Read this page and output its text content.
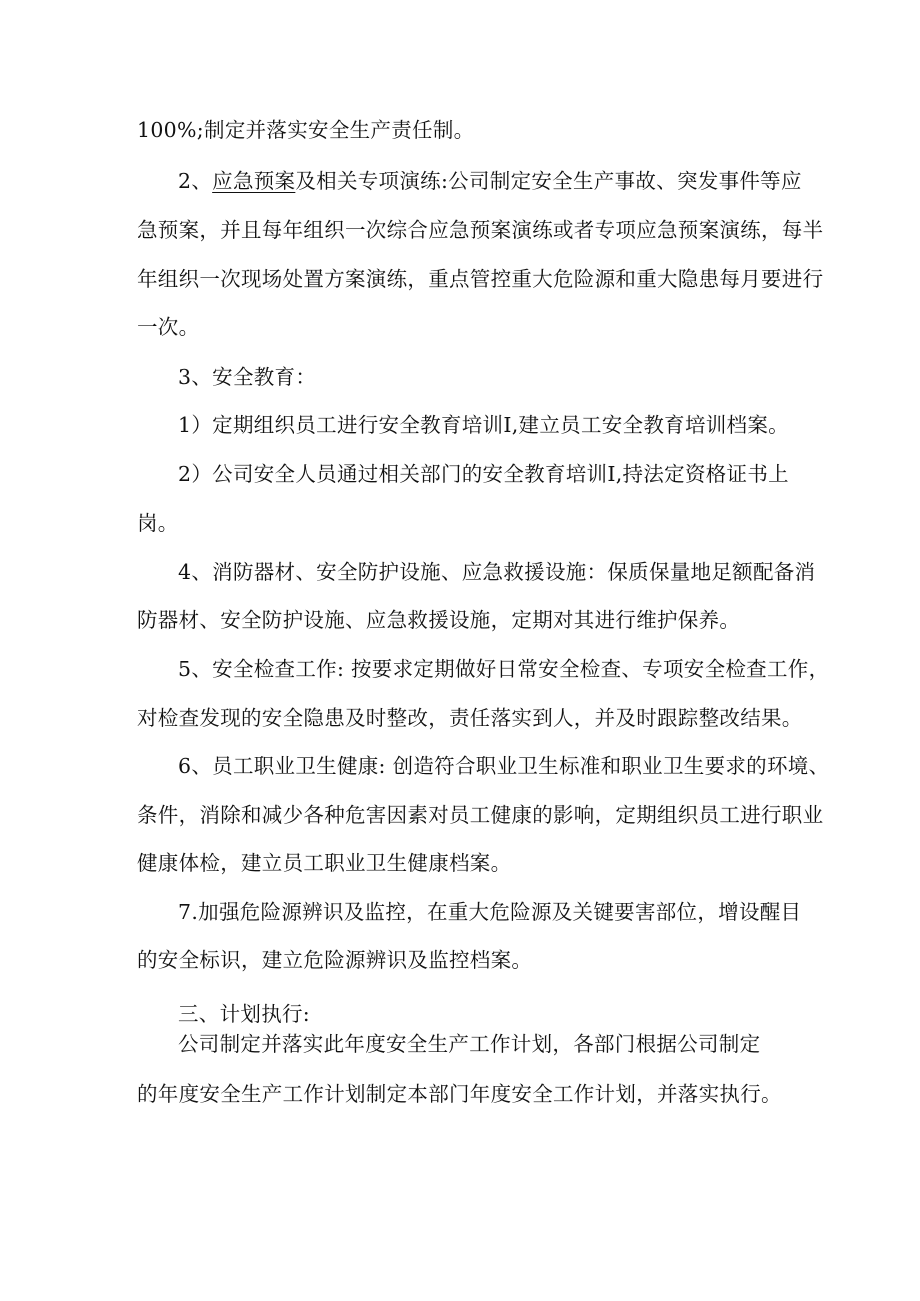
100%;制定并落实安全生产责任制。
2、应急预案及相关专项演练:公司制定安全生产事故、突发事件等应
急预案，并且每年组织一次综合应急预案演练或者专项应急预案演练，每半
年组织一次现场处置方案演练，重点管控重大危险源和重大隐患每月要进行
一次。
3、安全教育：
1）定期组织员工进行安全教育培训I,建立员工安全教育培训档案。
2）公司安全人员通过相关部门的安全教育培训I,持法定资格证书上
岗。
4、消防器材、安全防护设施、应急救援设施：保质保量地足额配备消
防器材、安全防护设施、应急救援设施，定期对其进行维护保养。
5、安全检查工作: 按要求定期做好日常安全检查、专项安全检查工作，
对检查发现的安全隐患及时整改，责任落实到人，并及时跟踪整改结果。
6、员工职业卫生健康: 创造符合职业卫生标准和职业卫生要求的环境、
条件，消除和减少各种危害因素对员工健康的影响，定期组织员工进行职业
健康体检，建立员工职业卫生健康档案。
7.加强危险源辨识及监控，在重大危险源及关键要害部位，增设醒目
的安全标识，建立危险源辨识及监控档案。
三、计划执行:
公司制定并落实此年度安全生产工作计划，各部门根据公司制定
的年度安全生产工作计划制定本部门年度安全工作计划，并落实执行。
